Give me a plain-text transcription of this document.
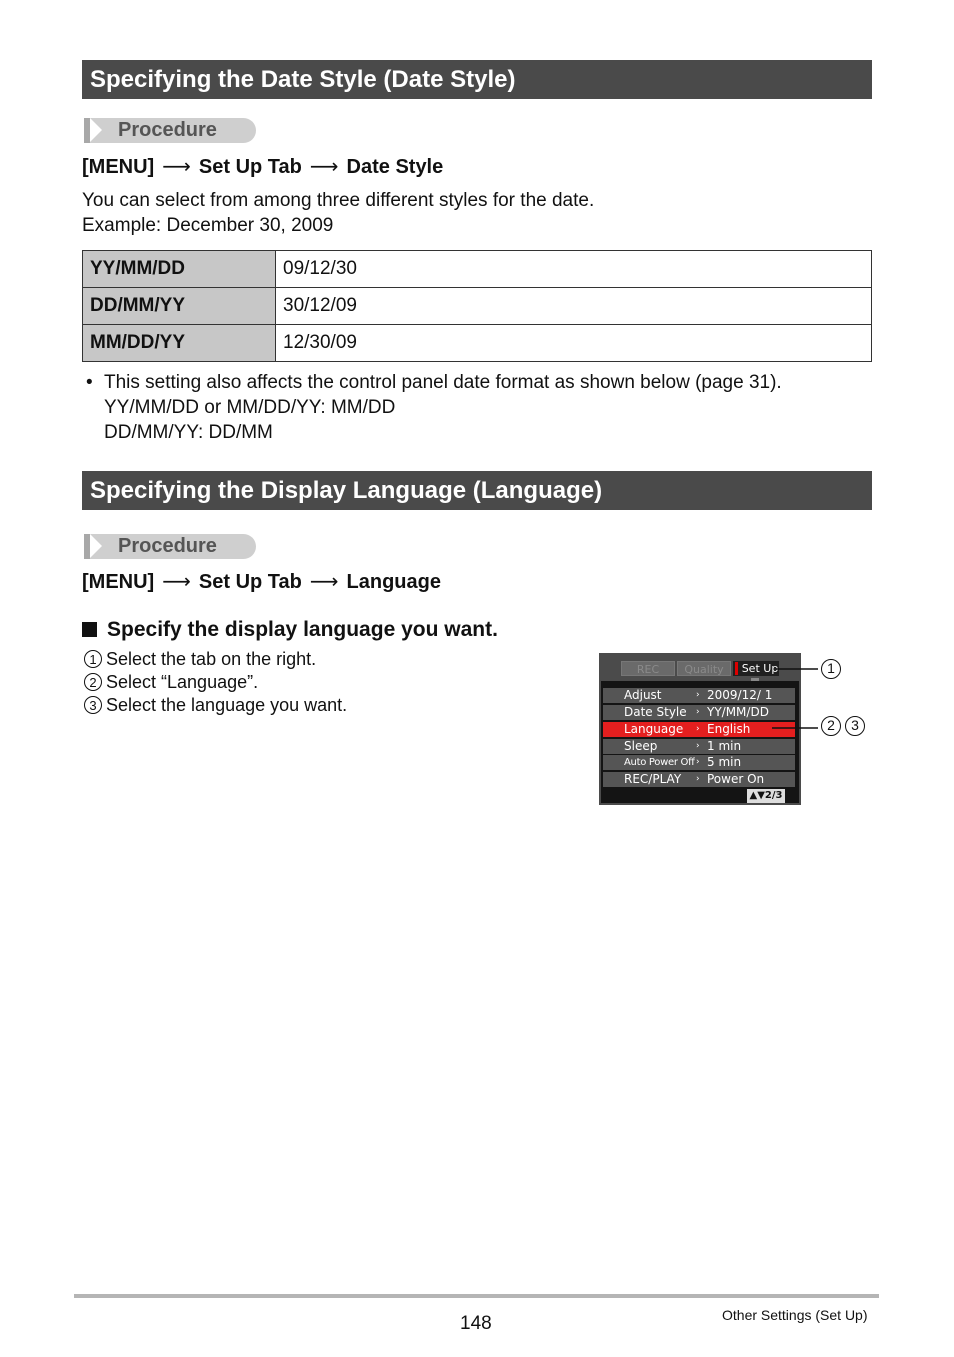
Specifying the Date Style (Date Style)
Procedure
[MENU] ⟶ Set Up Tab ⟶ Date Style
You can select from among three different styles for the date.
Example: December 30, 2009
YY/MM/DD	09/12/30
DD/MM/YY	30/12/09
MM/DD/YY	12/30/09
• This setting also affects the control panel date format as shown below (page 31).
YY/MM/DD or MM/DD/YY: MM/DD
DD/MM/YY: DD/MM
Specifying the Display Language (Language)
Procedure
[MENU] ⟶ Set Up Tab ⟶ Language
Specify the display language you want.
1 Select the tab on the right.
2 Select “Language”.
3 Select the language you want.
REC	Quality	Set Up
Adjust	› 2009/12/ 1
Date Style › YY/MM/DD
Language › English
Sleep	› 1 min
Auto Power Off › 5 min
REC/PLAY › Power On
▲▼2/3
1
2	3
148	Other Settings (Set Up)
